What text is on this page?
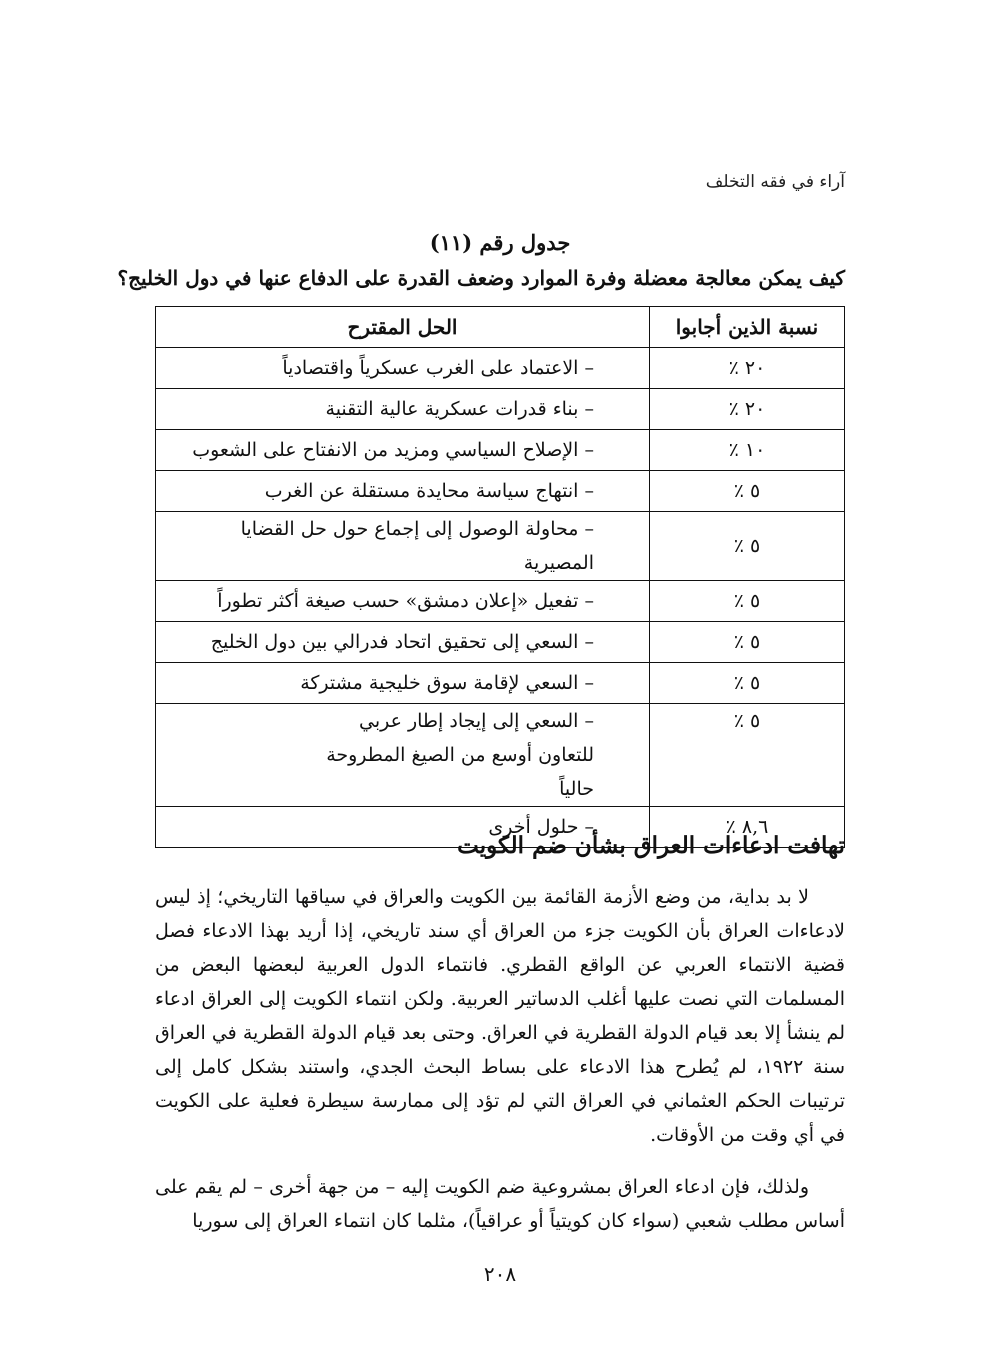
آراء في فقه التخلف
جدول رقم (١١)
كيف يمكن معالجة معضلة وفرة الموارد وضعف القدرة على الدفاع عنها في دول الخليج؟
نسبة الذين أجابوا	الحل المقترح
٢٠ ٪	– الاعتماد على الغرب عسكرياً واقتصادياً
٢٠ ٪	– بناء قدرات عسكرية عالية التقنية
١٠ ٪	– الإصلاح السياسي ومزيد من الانفتاح على الشعوب
٥ ٪	– انتهاج سياسة محايدة مستقلة عن الغرب
٥ ٪	– محاولة الوصول إلى إجماع حول حل القضايا المصيرية
٥ ٪	– تفعيل «إعلان دمشق» حسب صيغة أكثر تطوراً
٥ ٪	– السعي إلى تحقيق اتحاد فدرالي بين دول الخليج
٥ ٪	– السعي لإقامة سوق خليجية مشتركة
٥ ٪	– السعي إلى إيجاد إطار عربي للتعاون أوسع من الصيغ المطروحة حالياً
٨,٦ ٪	– حلول أخرى
تهافت ادعاءات العراق بشأن ضم الكويت

لا بد بداية، من وضع الأزمة القائمة بين الكويت والعراق في سياقها التاريخي؛ إذ ليس لادعاءات العراق بأن الكويت جزء من العراق أي سند تاريخي، إذا أريد بهذا الادعاء فصل قضية الانتماء العربي عن الواقع القطري. فانتماء الدول العربية لبعضها البعض من المسلمات التي نصت عليها أغلب الدساتير العربية. ولكن انتماء الكويت إلى العراق ادعاء لم ينشأ إلا بعد قيام الدولة القطرية في العراق. وحتى بعد قيام الدولة القطرية في العراق سنة ١٩٢٢، لم يُطرح هذا الادعاء على بساط البحث الجدي، واستند بشكل كامل إلى ترتيبات الحكم العثماني في العراق التي لم تؤد إلى ممارسة سيطرة فعلية على الكويت في أي وقت من الأوقات.

ولذلك، فإن ادعاء العراق بمشروعية ضم الكويت إليه – من جهة أخرى – لم يقم على أساس مطلب شعبي (سواء كان كويتياً أو عراقياً)، مثلما كان انتماء العراق إلى سوريا

٢٠٨
